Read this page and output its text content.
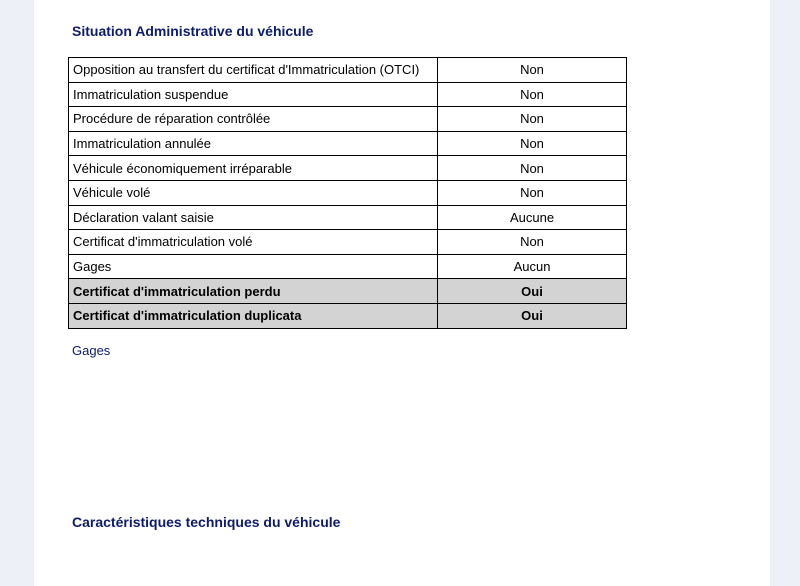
Situation Administrative du véhicule
Opposition au transfert du certificat d'Immatriculation (OTCI)	Non
Immatriculation suspendue	Non
Procédure de réparation contrôlée	Non
Immatriculation annulée	Non
Véhicule économiquement irréparable	Non
Véhicule volé	Non
Déclaration valant saisie	Aucune
Certificat d'immatriculation volé	Non
Gages	Aucun
Certificat d'immatriculation perdu	Oui
Certificat d'immatriculation duplicata	Oui
Gages
Caractéristiques techniques du véhicule
